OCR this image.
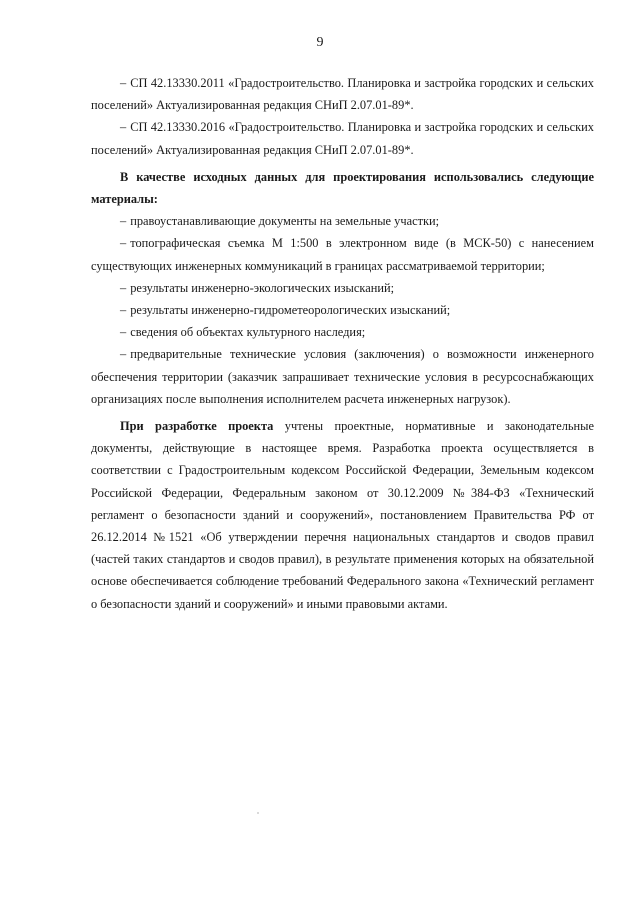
9

– СП 42.13330.2011 «Градостроительство. Планировка и застройка городских и сельских поселений» Актуализированная редакция СНиП 2.07.01-89*.

– СП 42.13330.2016 «Градостроительство. Планировка и застройка городских и сельских поселений» Актуализированная редакция СНиП 2.07.01-89*.

В качестве исходных данных для проектирования использовались следующие материалы:

– правоустанавливающие документы на земельные участки;

– топографическая съемка М 1:500 в электронном виде (в МСК-50) с нанесением существующих инженерных коммуникаций в границах рассматриваемой территории;

– результаты инженерно-экологических изысканий;

– результаты инженерно-гидрометеорологических изысканий;

– сведения об объектах культурного наследия;

– предварительные технические условия (заключения) о возможности инженерного обеспечения территории (заказчик запрашивает технические условия в ресурсоснабжающих организациях после выполнения исполнителем расчета инженерных нагрузок).

При разработке проекта учтены проектные, нормативные и законодательные документы, действующие в настоящее время. Разработка проекта осуществляется в соответствии с Градостроительным кодексом Российской Федерации, Земельным кодексом Российской Федерации, Федеральным законом от 30.12.2009 №384-ФЗ «Технический регламент о безопасности зданий и сооружений», постановлением Правительства РФ от 26.12.2014 №1521 «Об утверждении перечня национальных стандартов и сводов правил (частей таких стандартов и сводов правил), в результате применения которых на обязательной основе обеспечивается соблюдение требований Федерального закона «Технический регламент о безопасности зданий и сооружений» и иными правовыми актами.
